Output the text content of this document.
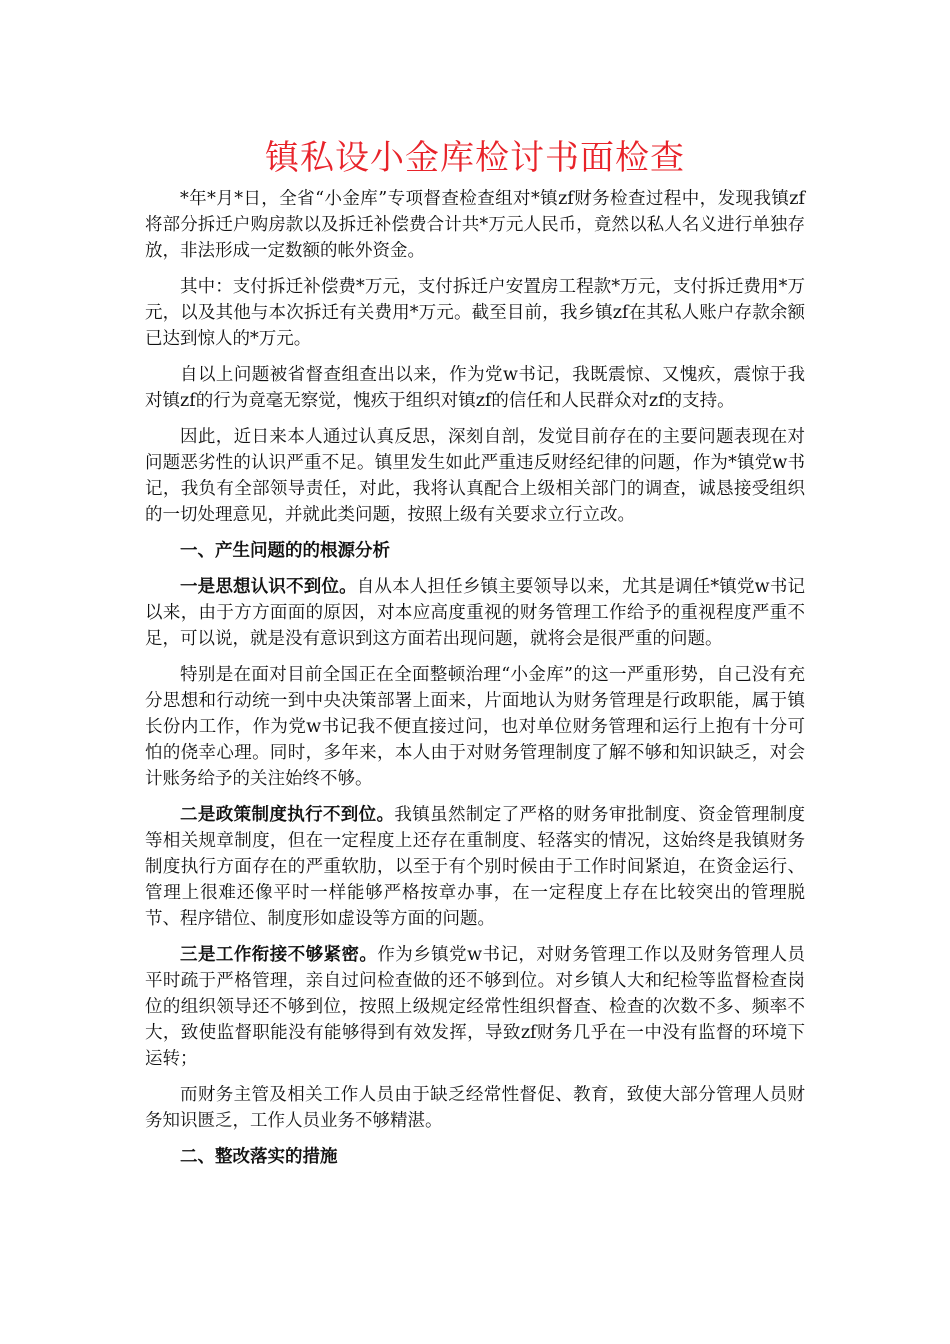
镇私设小金库检讨书面检查

*年*月*日，全省“小金库”专项督查检查组对*镇zf财务检查过程中，发现我镇zf将部分拆迁户购房款以及拆迁补偿费合计共*万元人民币，竟然以私人名义进行单独存放，非法形成一定数额的帐外资金。

其中：支付拆迁补偿费*万元，支付拆迁户安置房工程款*万元，支付拆迁费用*万元，以及其他与本次拆迁有关费用*万元。截至目前，我乡镇zf在其私人账户存款余额已达到惊人的*万元。

自以上问题被省督查组查出以来，作为党w书记，我既震惊、又愧疚，震惊于我对镇zf的行为竟毫无察觉，愧疚于组织对镇zf的信任和人民群众对zf的支持。

因此，近日来本人通过认真反思，深刻自剖，发觉目前存在的主要问题表现在对问题恶劣性的认识严重不足。镇里发生如此严重违反财经纪律的问题，作为*镇党w书记，我负有全部领导责任，对此，我将认真配合上级相关部门的调查，诚恳接受组织的一切处理意见，并就此类问题，按照上级有关要求立行立改。

一、产生问题的的根源分析

一是思想认识不到位。自从本人担任乡镇主要领导以来，尤其是调任*镇党w书记以来，由于方方面面的原因，对本应高度重视的财务管理工作给予的重视程度严重不足，可以说，就是没有意识到这方面若出现问题，就将会是很严重的问题。

特别是在面对目前全国正在全面整顿治理“小金库”的这一严重形势，自己没有充分思想和行动统一到中央决策部署上面来，片面地认为财务管理是行政职能，属于镇长份内工作，作为党w书记我不便直接过问，也对单位财务管理和运行上抱有十分可怕的侥幸心理。同时，多年来，本人由于对财务管理制度了解不够和知识缺乏，对会计账务给予的关注始终不够。

二是政策制度执行不到位。我镇虽然制定了严格的财务审批制度、资金管理制度等相关规章制度，但在一定程度上还存在重制度、轻落实的情况，这始终是我镇财务制度执行方面存在的严重软肋，以至于有个别时候由于工作时间紧迫，在资金运行、管理上很难还像平时一样能够严格按章办事，在一定程度上存在比较突出的管理脱节、程序错位、制度形如虚设等方面的问题。

三是工作衔接不够紧密。作为乡镇党w书记，对财务管理工作以及财务管理人员平时疏于严格管理，亲自过问检查做的还不够到位。对乡镇人大和纪检等监督检查岗位的组织领导还不够到位，按照上级规定经常性组织督查、检查的次数不多、频率不大，致使监督职能没有能够得到有效发挥，导致zf财务几乎在一中没有监督的环境下运转；

而财务主管及相关工作人员由于缺乏经常性督促、教育，致使大部分管理人员财务知识匮乏，工作人员业务不够精湛。

二、整改落实的措施
